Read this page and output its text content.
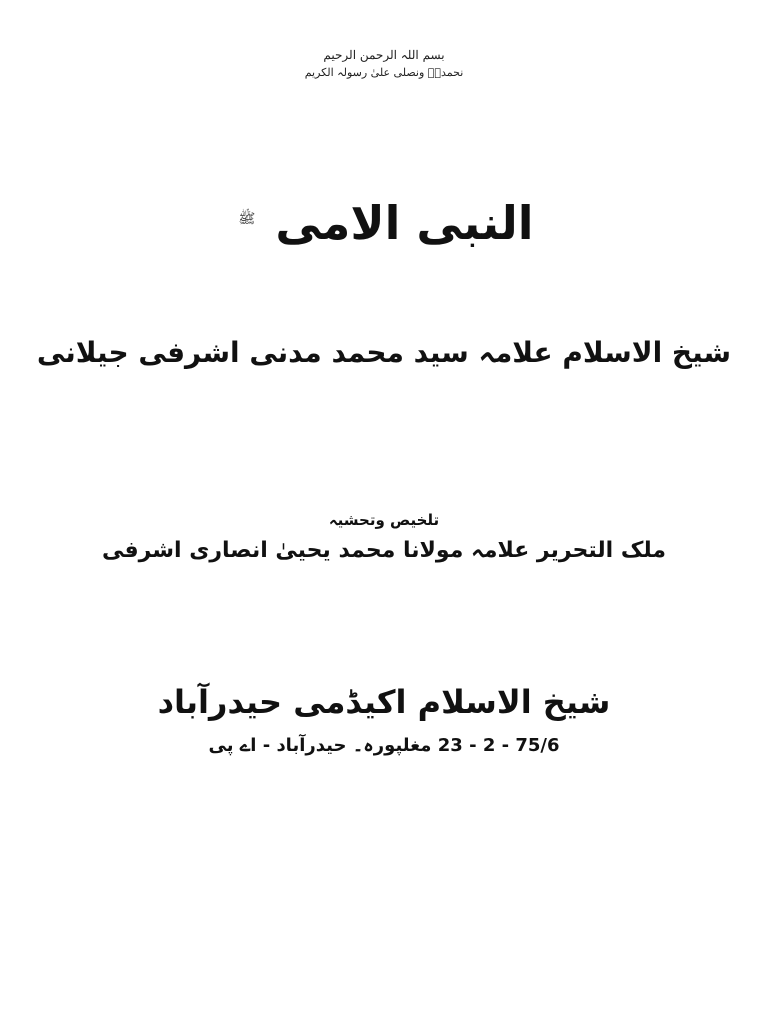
بسم اللہ الرحمن الرحیم
نحمدہٗ ونصلی علیٰ رسولہ الکریم
النبی الامی $^ﷺ$
شیخ الاسلام علامہ سید محمد مدنی اشرفی جیلانی
تلخیص وتحشیہ
ملک التحریر علامہ مولانا محمد یحییٰ انصاری اشرفی
شیخ الاسلام اکیڈمی حیدرآباد
75/6 - 2 - 23 مغلپورہ۔ حیدرآباد - اے پی
